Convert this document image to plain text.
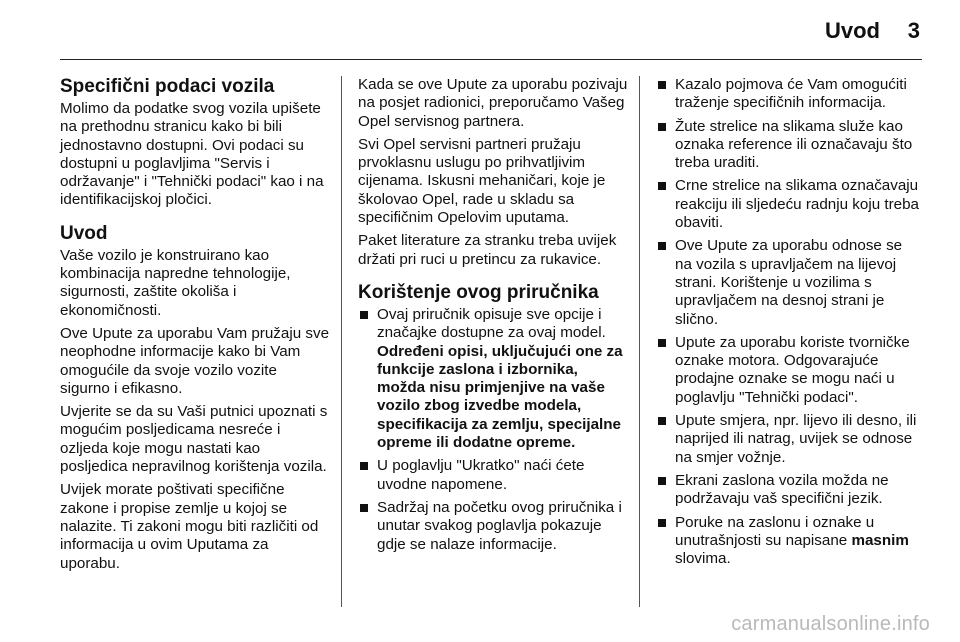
Uvod 3
Specifični podaci vozila

Molimo da podatke svog vozila upišete na prethodnu stranicu kako bi bili jednostavno dostupni. Ovi podaci su dostupni u poglavljima "Servis i održavanje" i "Tehnički podaci" kao i na identifikacijskoj pločici.

Uvod

Vaše vozilo je konstruirano kao kombinacija napredne tehnologije, sigurnosti, zaštite okoliša i ekonomičnosti.

Ove Upute za uporabu Vam pružaju sve neophodne informacije kako bi Vam omogućile da svoje vozilo vozite sigurno i efikasno.

Uvjerite se da su Vaši putnici upoznati s mogućim posljedicama nesreće i ozljeda koje mogu nastati kao posljedica nepravilnog korištenja vozila.

Uvijek morate poštivati specifične zakone i propise zemlje u kojoj se nalazite. Ti zakoni mogu biti različiti od informacija u ovim Uputama za uporabu.

Kada se ove Upute za uporabu pozivaju na posjet radionici, preporučamo Vašeg Opel servisnog partnera.

Svi Opel servisni partneri pružaju prvoklasnu uslugu po prihvatljivim cijenama. Iskusni mehaničari, koje je školovao Opel, rade u skladu sa specifičnim Opelovim uputama.

Paket literature za stranku treba uvijek držati pri ruci u pretincu za rukavice.

Korištenje ovog priručnika
Ovaj priručnik opisuje sve opcije i značajke dostupne za ovaj model. Određeni opisi, uključujući one za funkcije zaslona i izbornika, možda nisu primjenjive na vaše vozilo zbog izvedbe modela, specifikacija za zemlju, specijalne opreme ili dodatne opreme.
U poglavlju "Ukratko" naći ćete uvodne napomene.
Sadržaj na početku ovog priručnika i unutar svakog poglavlja pokazuje gdje se nalaze informacije.
Kazalo pojmova će Vam omogućiti traženje specifičnih informacija.
Žute strelice na slikama služe kao oznaka reference ili označavaju što treba uraditi.
Crne strelice na slikama označavaju reakciju ili sljedeću radnju koju treba obaviti.
Ove Upute za uporabu odnose se na vozila s upravljačem na lijevoj strani. Korištenje u vozilima s upravljačem na desnoj strani je slično.
Upute za uporabu koriste tvorničke oznake motora. Odgovarajuće prodajne oznake se mogu naći u poglavlju "Tehnički podaci".
Upute smjera, npr. lijevo ili desno, ili naprijed ili natrag, uvijek se odnose na smjer vožnje.
Ekrani zaslona vozila možda ne podržavaju vaš specifični jezik.
Poruke na zaslonu i oznake u unutrašnjosti su napisane masnim slovima.
carmanualsonline.info
